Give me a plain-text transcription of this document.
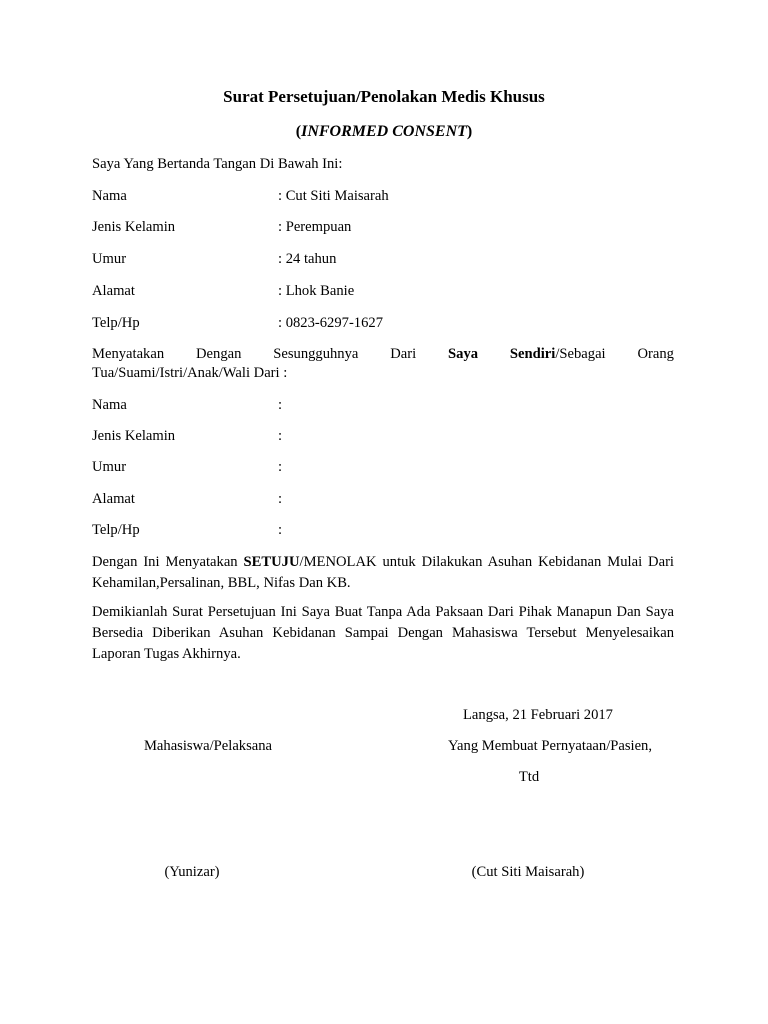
Surat Persetujuan/Penolakan Medis Khusus
(INFORMED CONSENT)
Saya Yang Bertanda Tangan Di Bawah Ini:
Nama	: Cut Siti Maisarah
Jenis Kelamin	: Perempuan
Umur	: 24 tahun
Alamat	: Lhok Banie
Telp/Hp	: 0823-6297-1627
Menyatakan Dengan Sesungguhnya Dari Saya Sendiri/Sebagai Orang
Tua/Suami/Istri/Anak/Wali Dari :
Nama	:
Jenis Kelamin	:
Umur	:
Alamat	:
Telp/Hp	:
Dengan Ini Menyatakan SETUJU/MENOLAK untuk Dilakukan Asuhan Kebidanan Mulai Dari Kehamilan,Persalinan, BBL, Nifas Dan KB.
Demikianlah Surat Persetujuan Ini Saya Buat Tanpa Ada Paksaan Dari Pihak Manapun Dan Saya Bersedia Diberikan Asuhan Kebidanan Sampai Dengan Mahasiswa Tersebut Menyelesaikan Laporan Tugas Akhirnya.
Langsa, 21 Februari 2017
Mahasiswa/Pelaksana	Yang Membuat Pernyataan/Pasien,
Ttd
(Yunizar)	(Cut Siti Maisarah)
